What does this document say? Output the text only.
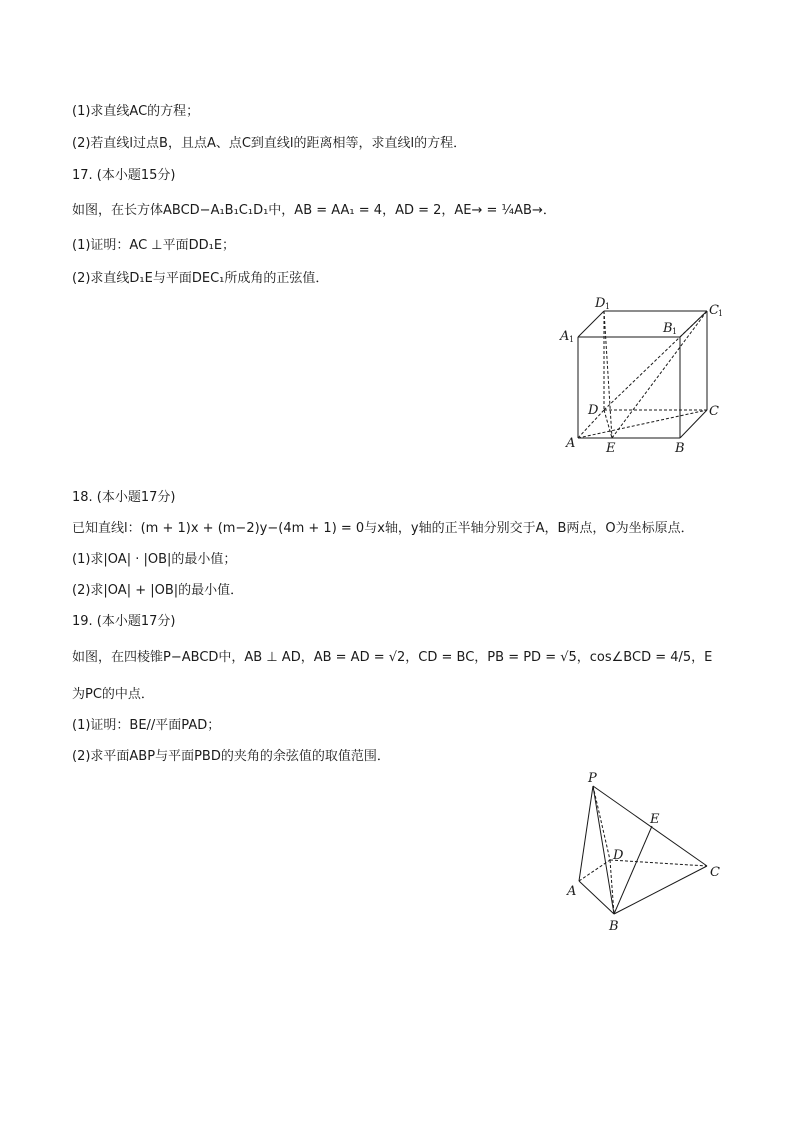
(1)求直线AC的方程；
(2)若直线l过点B，且点A、点C到直线l的距离相等，求直线l的方程．
17. (本小题15分)
如图，在长方体ABCD−A₁B₁C₁D₁中，AB = AA₁ = 4，AD = 2，AE→ = ¼AB→．
(1)证明：AC ⊥平面DD₁E；
(2)求直线D₁E与平面DEC₁所成角的正弦值．
D 1	C 1
A 1
B 1
D	C
A E	B
18. (本小题17分)
已知直线l：(m + 1)x + (m−2)y−(4m + 1) = 0与x轴，y轴的正半轴分别交于A，B两点，O为坐标原点．
(1)求|OA| · |OB|的最小值；
(2)求|OA| + |OB|的最小值．
19. (本小题17分)
如图，在四棱锥P−ABCD中，AB ⊥ AD，AB = AD = √2，CD = BC，PB = PD = √5，cos∠BCD = 4/5，E
为PC的中点．
(1)证明：BE//平面PAD；
(2)求平面ABP与平面PBD的夹角的余弦值的取值范围．
P
E
D
C
A
B
